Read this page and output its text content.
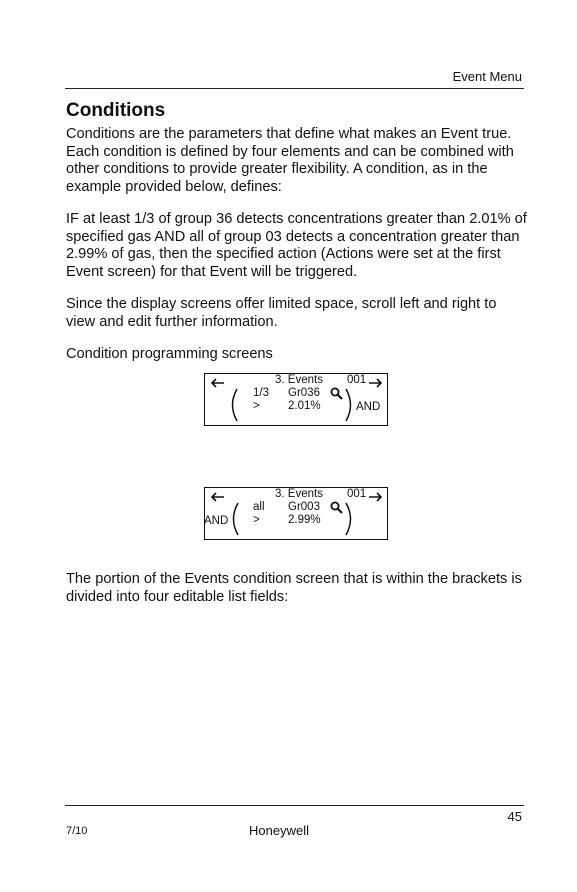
Event Menu
Conditions
Conditions are the parameters that define what makes an Event true. Each condition is defined by four elements and can be combined with other conditions to provide greater flexibility. A condition, as in the example provided below, defines:
IF at least 1/3 of group 36 detects concentrations greater than 2.01% of specified gas AND all of group 03 detects a concentration greater than 2.99% of gas, then the specified action (Actions were set at the first Event screen) for that Event will be triggered.
Since the display screens offer limited space, scroll left and right to view and edit further information.
Condition programming screens
3. Events 001
1/3 Gr036
> 2.01%	AND
3. Events 001
AND
all Gr003
> 2.99%
The portion of the Events condition screen that is within the brackets is divided into four editable list fields:
45
7/10	Honeywell
